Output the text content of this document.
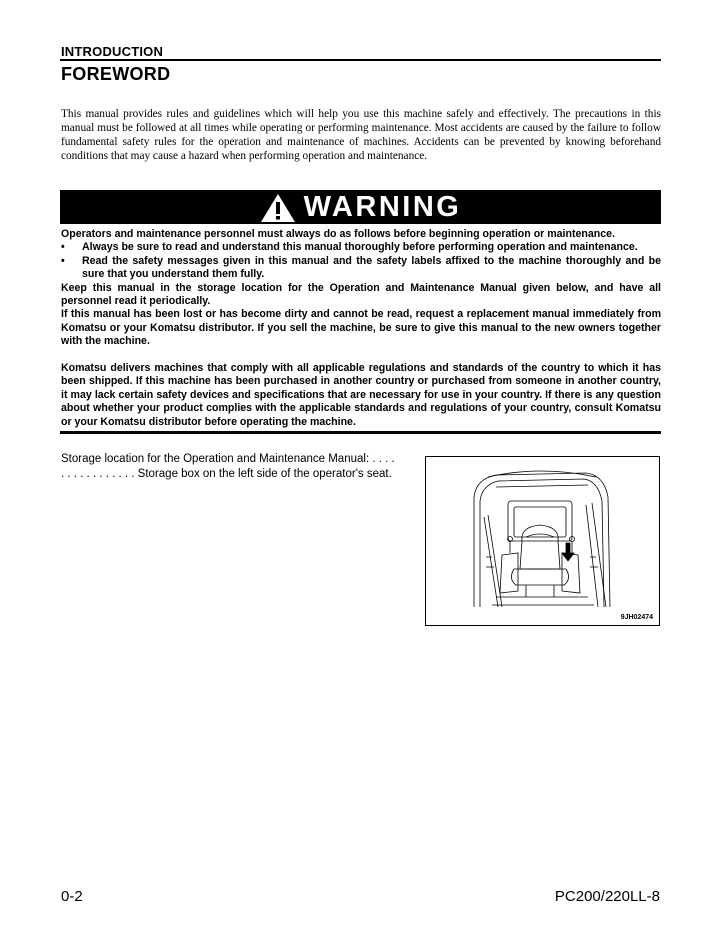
INTRODUCTION
FOREWORD
This manual provides rules and guidelines which will help you use this machine safely and effectively. The precautions in this manual must be followed at all times while operating or performing maintenance. Most accidents are caused by the failure to follow fundamental safety rules for the operation and maintenance of machines. Accidents can be prevented by knowing beforehand conditions that may cause a hazard when performing operation and maintenance.
WARNING

Operators and maintenance personnel must always do as follows before beginning operation or maintenance.

•	Always be sure to read and understand this manual thoroughly before performing operation and maintenance.
•	Read the safety messages given in this manual and the safety labels affixed to the machine thoroughly and be sure that you understand them fully.

Keep this manual in the storage location for the Operation and Maintenance Manual given below, and have all personnel read it periodically.

If this manual has been lost or has become dirty and cannot be read, request a replacement manual immediately from Komatsu or your Komatsu distributor. If you sell the machine, be sure to give this manual to the new owners together with the machine.

Komatsu delivers machines that comply with all applicable regulations and standards of the country to which it has been shipped. If this machine has been purchased in another country or purchased from someone in another country, it may lack certain safety devices and specifications that are necessary for use in your country. If there is any question about whether your product complies with the applicable standards and regulations of your country, consult Komatsu or your Komatsu distributor before operating the machine.

Storage location for the Operation and Maintenance Manual: . . . .
. . . . . . . . . . . . Storage box on the left side of the operator's seat.
9JH02474
0-2	PC200/220LL-8
